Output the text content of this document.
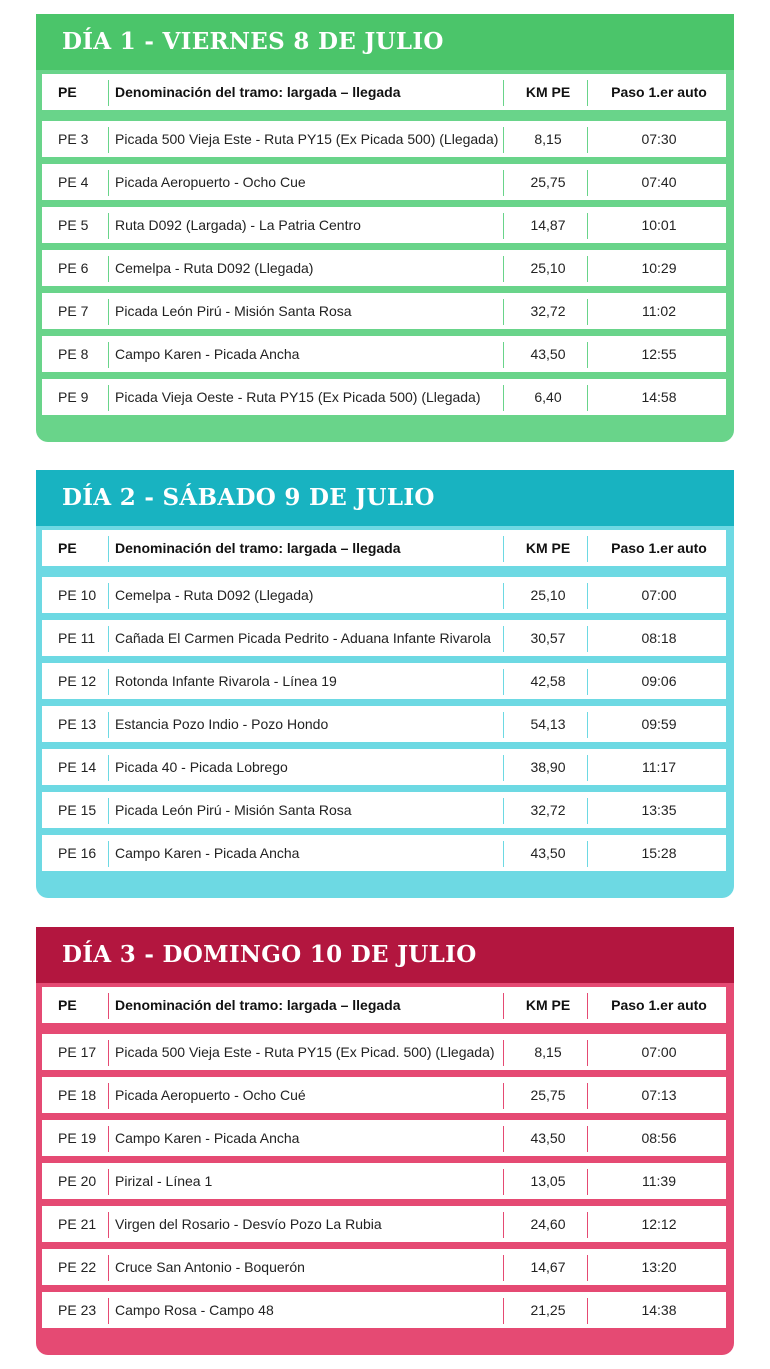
DÍA 1 - VIERNES 8 DE JULIO
PE	Denominación del tramo: largada – llegada	KM PE	Paso 1.er auto
PE 3	Picada 500 Vieja Este - Ruta PY15 (Ex Picada 500) (Llegada)	8,15	07:30
PE 4	Picada Aeropuerto - Ocho Cue	25,75	07:40
PE 5	Ruta D092 (Largada) - La Patria Centro	14,87	10:01
PE 6	Cemelpa - Ruta D092 (Llegada)	25,10	10:29
PE 7	Picada León Pirú - Misión Santa Rosa	32,72	11:02
PE 8	Campo Karen - Picada Ancha	43,50	12:55
PE 9	Picada Vieja Oeste - Ruta PY15 (Ex Picada 500) (Llegada)	6,40	14:58
DÍA 2 - SÁBADO 9 DE JULIO
PE	Denominación del tramo: largada – llegada	KM PE	Paso 1.er auto
PE 10	Cemelpa - Ruta D092 (Llegada)	25,10	07:00
PE 11	Cañada El Carmen Picada Pedrito - Aduana Infante Rivarola	30,57	08:18
PE 12	Rotonda Infante Rivarola - Línea 19	42,58	09:06
PE 13	Estancia Pozo Indio - Pozo Hondo	54,13	09:59
PE 14	Picada 40 - Picada Lobrego	38,90	11:17
PE 15	Picada León Pirú - Misión Santa Rosa	32,72	13:35
PE 16	Campo Karen - Picada Ancha	43,50	15:28
DÍA 3 - DOMINGO 10 DE JULIO
PE	Denominación del tramo: largada – llegada	KM PE	Paso 1.er auto
PE 17	Picada 500 Vieja Este - Ruta PY15 (Ex Picad. 500) (Llegada)	8,15	07:00
PE 18	Picada Aeropuerto - Ocho Cué	25,75	07:13
PE 19	Campo Karen - Picada Ancha	43,50	08:56
PE 20	Pirizal - Línea 1	13,05	11:39
PE 21	Virgen del Rosario - Desvío Pozo La Rubia	24,60	12:12
PE 22	Cruce San Antonio - Boquerón	14,67	13:20
PE 23	Campo Rosa - Campo 48	21,25	14:38
